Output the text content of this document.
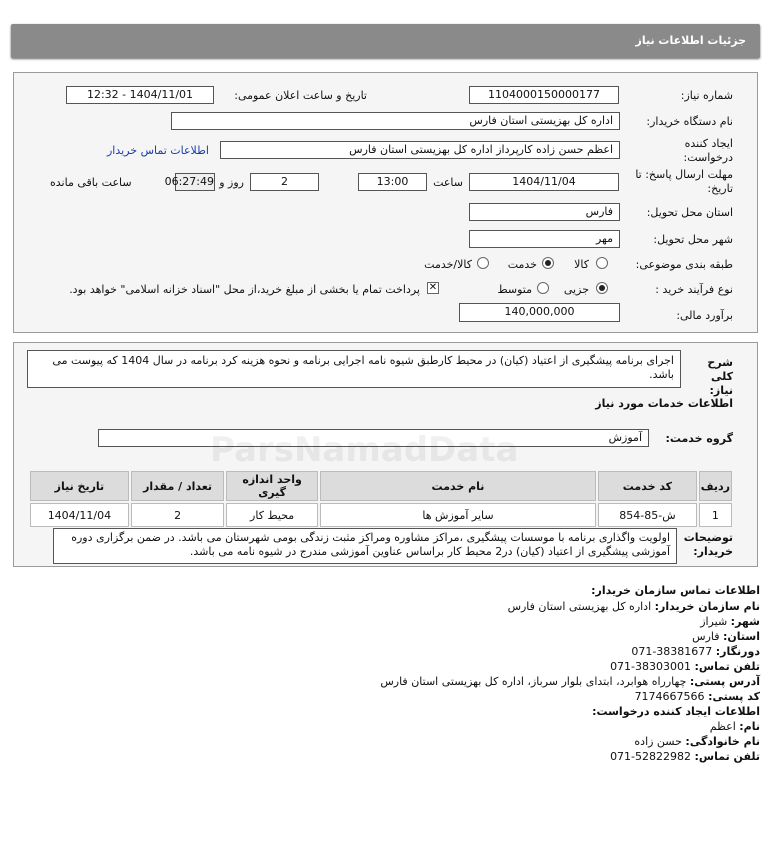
جزئیات اطلاعات نیاز
شماره نیاز:
1104000150000177
تاریخ و ساعت اعلان عمومی:
1404/11/01 - 12:32
نام دستگاه خریدار:
اداره کل بهزیستی استان فارس
ایجاد کننده درخواست:
اعظم حسن زاده کارپرداز اداره کل بهزیستی استان فارس
اطلاعات تماس خریدار
مهلت ارسال پاسخ: تا تاریخ:
1404/11/04
ساعت
13:00
2
روز و
06:27:49
ساعت باقی مانده
استان محل تحویل:
فارس
شهر محل تحویل:
مهر
طبقه بندی موضوعی:
کالا
خدمت
کالا/خدمت
نوع فرآیند خرید :
جزیی
متوسط
✕
پرداخت تمام یا بخشی از مبلغ خرید،از محل "اسناد خزانه اسلامی" خواهد بود.
برآورد مالی:
140,000,000
شرح کلی نیاز:
اجرای برنامه پیشگیری از اعتیاد (کیان) در محیط کارطبق شیوه نامه اجرایی برنامه و نحوه هزینه کرد برنامه در سال 1404 که پیوست می باشد.
اطلاعات خدمات مورد نیاز
گروه خدمت:
آموزش
ردیف	کد خدمت	نام خدمت	واحد اندازه گیری	تعداد / مقدار	تاریخ نیاز
1	ش-85-854	سایر آموزش ها	محیط کار	2	1404/11/04
توضیحات خریدار:
اولویت واگذاری برنامه با موسسات پیشگیری ،مراکز مشاوره ومراکز مثبت زندگی بومی شهرستان می باشد. در ضمن برگزاری دوره آموزشی پیشگیری از اعتیاد (کیان) در2 محیط کار براساس عناوین آموزشی مندرج در شیوه نامه می باشد.
اطلاعات تماس سازمان خریدار:
نام سازمان خریدار: اداره کل بهزیستی استان فارس
شهر: شیراز
استان: فارس
دورنگار: 071-38381677
تلفن تماس: 071-38303001
آدرس پستی: چهارراه هوابرد، ابتدای بلوار سرباز، اداره کل بهزیستی استان فارس
کد پستی: 7174667566
اطلاعات ایجاد کننده درخواست:
نام: اعظم
نام خانوادگی: حسن زاده
تلفن تماس: 071-52822982
